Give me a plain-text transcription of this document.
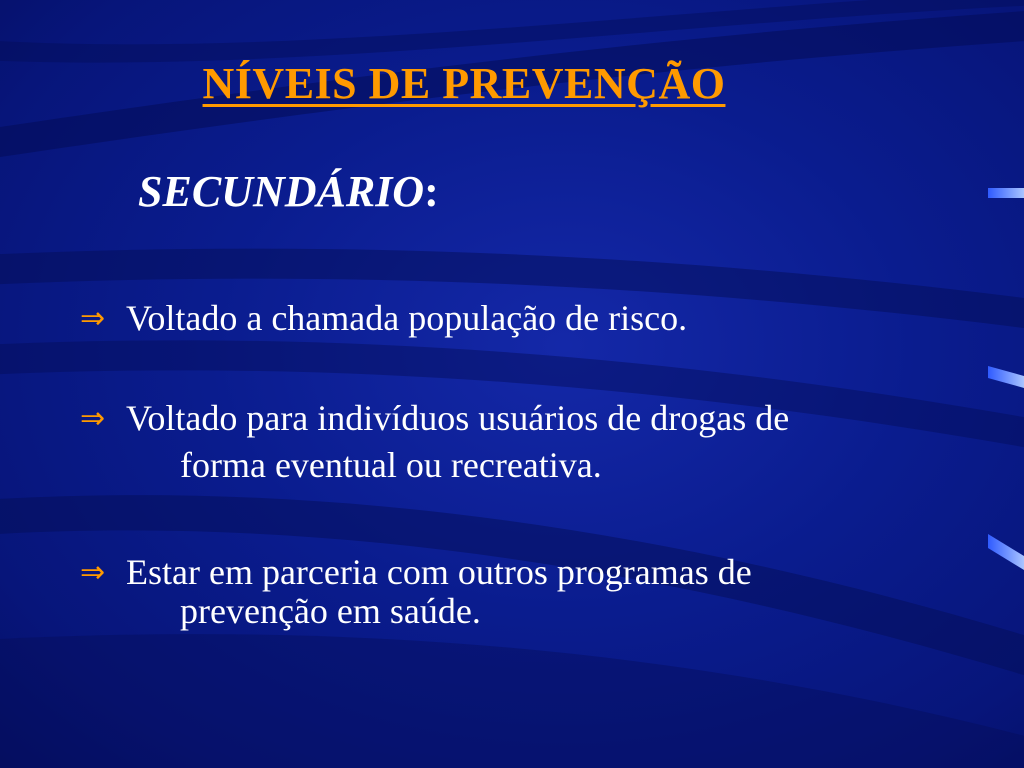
NÍVEIS DE PREVENÇÃO
SECUNDÁRIO:
⇒ Voltado a chamada população de risco.
⇒ Voltado para indivíduos usuários de drogas de
forma eventual ou recreativa.
⇒ Estar em parceria com outros programas de
prevenção em saúde.
